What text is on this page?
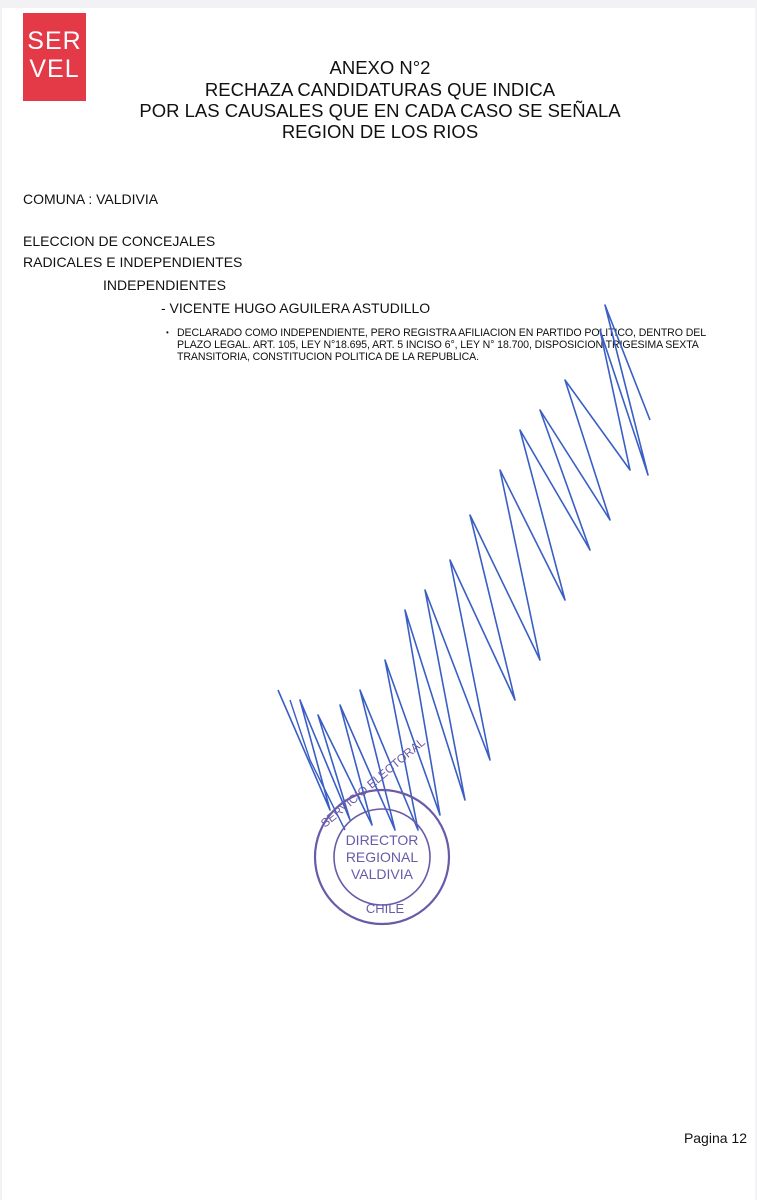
SER
VEL	ANEXO N°2
RECHAZA CANDIDATURAS QUE INDICA
POR LAS CAUSALES QUE EN CADA CASO SE SEÑALA
REGION DE LOS RIOS
COMUNA : VALDIVIA
ELECCION DE CONCEJALES
RADICALES E INDEPENDIENTES
INDEPENDIENTES
- VICENTE HUGO AGUILERA ASTUDILLO
• DECLARADO COMO INDEPENDIENTE, PERO REGISTRA AFILIACION EN PARTIDO POLITICO, DENTRO DEL PLAZO LEGAL. ART. 105, LEY N°18.695, ART. 5 INCISO 6°, LEY N° 18.700, DISPOSICION TRIGESIMA SEXTA TRANSITORIA, CONSTITUCION POLITICA DE LA REPUBLICA.
SERVICIO ELECTORAL
DIRECTOR
REGIONAL
VALDIVIA
CHILE
Pagina 12
